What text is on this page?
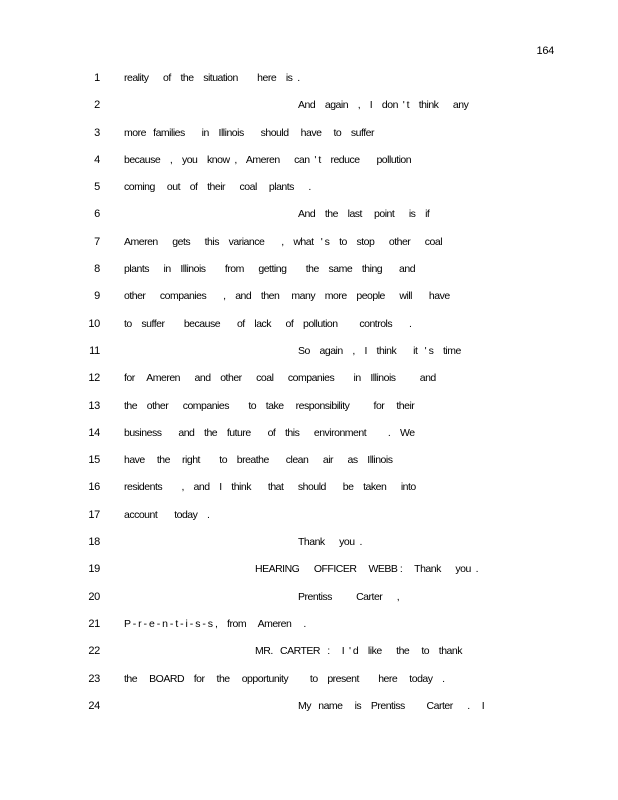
164
1 reality      of    the    situation        here    is  .
2	And    again    ,    I    don  ' t    think      any
3 more   families       in    Illinois       should     have     to    suffer
4 because    ,    you    know  ,    Ameren      can  ' t    reduce       pollution
5 coming     out    of    their      coal     plants      .
6	And    the    last     point      is    if
7 Ameren      gets      this    variance       ,    what   ' s    to    stop      other      coal
8 plants      in    Illinois        from      getting        the    same    thing       and
9 other      companies       ,    and    then     many    more    people      will       have
10 to    suffer        because       of    lack      of    pollution         controls       .
11	So    again    ,    I    think       it   ' s    time
12 for     Ameren      and    other      coal      companies        in    Illinois          and
13 the    other      companies        to    take     responsibility          for     their
14 business       and    the    future       of    this      environment         .    We
15 have     the     right        to    breathe       clean      air      as    Illinois
16 residents        ,    and    I    think       that      should       be    taken      into
17 account       today    .
18	Thank      you  .
19	HEARING      OFFICER     WEBB :     Thank      you  .
20	Prentiss          Carter      ,
21 P - r - e - n - t - i - s - s ,    from     Ameren     .
22	MR.   CARTER   :     I  ' d    like      the     to    thank
23 the     BOARD    for     the     opportunity         to    present        here     today    .
24	My   name     is    Prentiss         Carter      .     I
